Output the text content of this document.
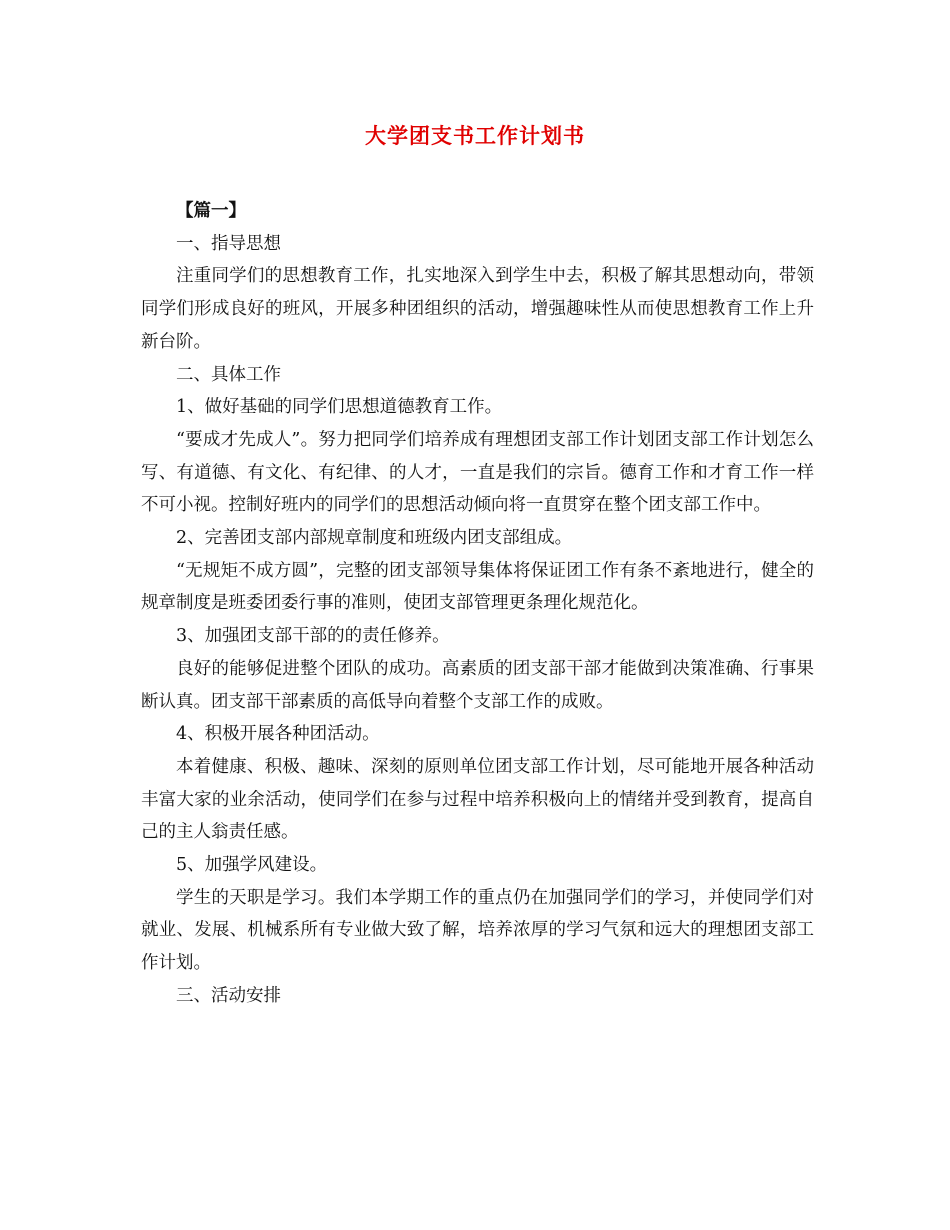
大学团支书工作计划书

【篇一】

一、指导思想

注重同学们的思想教育工作，扎实地深入到学生中去，积极了解其思想动向，带领同学们形成良好的班风，开展多种团组织的活动，增强趣味性从而使思想教育工作上升新台阶。

二、具体工作

1、做好基础的同学们思想道德教育工作。

“要成才先成人”。努力把同学们培养成有理想团支部工作计划团支部工作计划怎么写、有道德、有文化、有纪律、的人才，一直是我们的宗旨。德育工作和才育工作一样不可小视。控制好班内的同学们的思想活动倾向将一直贯穿在整个团支部工作中。

2、完善团支部内部规章制度和班级内团支部组成。

“无规矩不成方圆”，完整的团支部领导集体将保证团工作有条不紊地进行，健全的规章制度是班委团委行事的准则，使团支部管理更条理化规范化。

3、加强团支部干部的的责任修养。

良好的能够促进整个团队的成功。高素质的团支部干部才能做到决策准确、行事果断认真。团支部干部素质的高低导向着整个支部工作的成败。

4、积极开展各种团活动。

本着健康、积极、趣味、深刻的原则单位团支部工作计划，尽可能地开展各种活动丰富大家的业余活动，使同学们在参与过程中培养积极向上的情绪并受到教育，提高自己的主人翁责任感。

5、加强学风建设。

学生的天职是学习。我们本学期工作的重点仍在加强同学们的学习，并使同学们对就业、发展、机械系所有专业做大致了解，培养浓厚的学习气氛和远大的理想团支部工作计划。

三、活动安排
